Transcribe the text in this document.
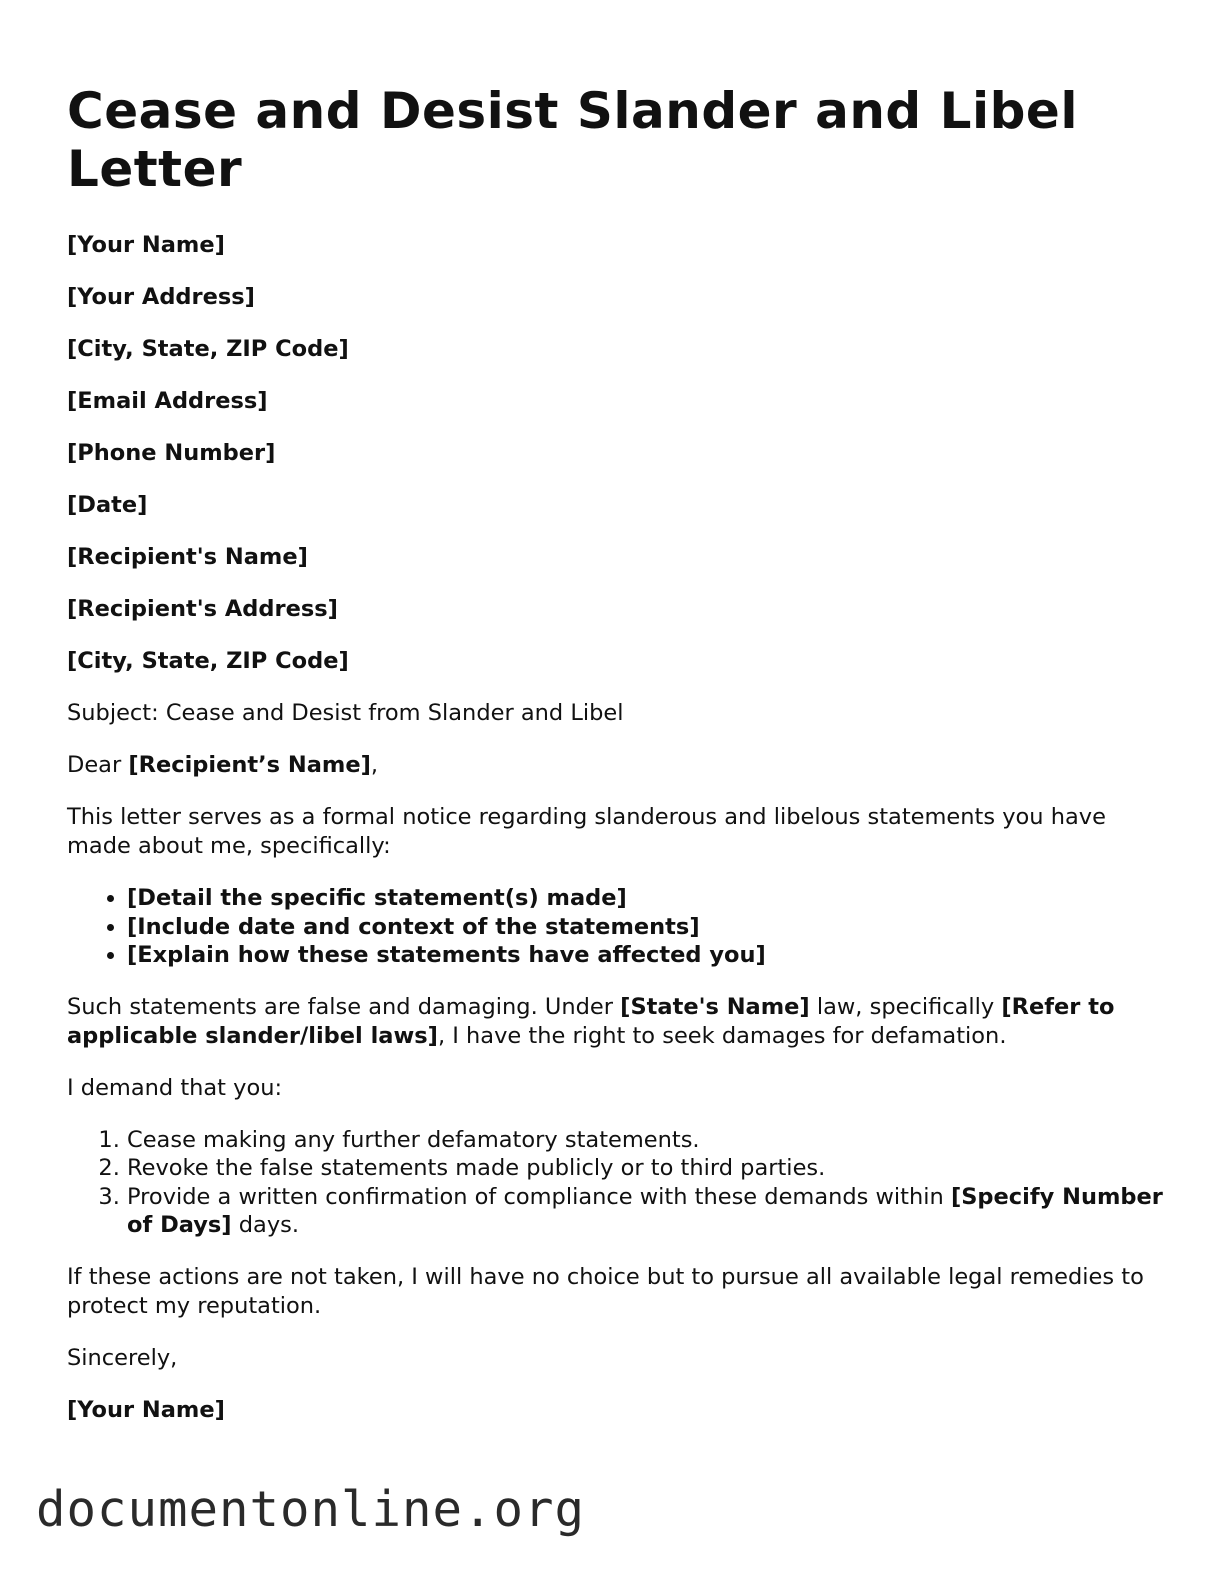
Cease and Desist Slander and Libel Letter

[Your Name]

[Your Address]

[City, State, ZIP Code]

[Email Address]

[Phone Number]

[Date]

[Recipient's Name]

[Recipient's Address]

[City, State, ZIP Code]

Subject: Cease and Desist from Slander and Libel

Dear [Recipient’s Name],

This letter serves as a formal notice regarding slanderous and libelous statements you have made about me, specifically:

• [Detail the specific statement(s) made]
• [Include date and context of the statements]
• [Explain how these statements have affected you]

Such statements are false and damaging. Under [State's Name] law, specifically [Refer to applicable slander/libel laws], I have the right to seek damages for defamation.

I demand that you:

1. Cease making any further defamatory statements.
2. Revoke the false statements made publicly or to third parties.
3. Provide a written confirmation of compliance with these demands within [Specify Number of Days] days.

If these actions are not taken, I will have no choice but to pursue all available legal remedies to protect my reputation.

Sincerely,

[Your Name]

documentonline.org
